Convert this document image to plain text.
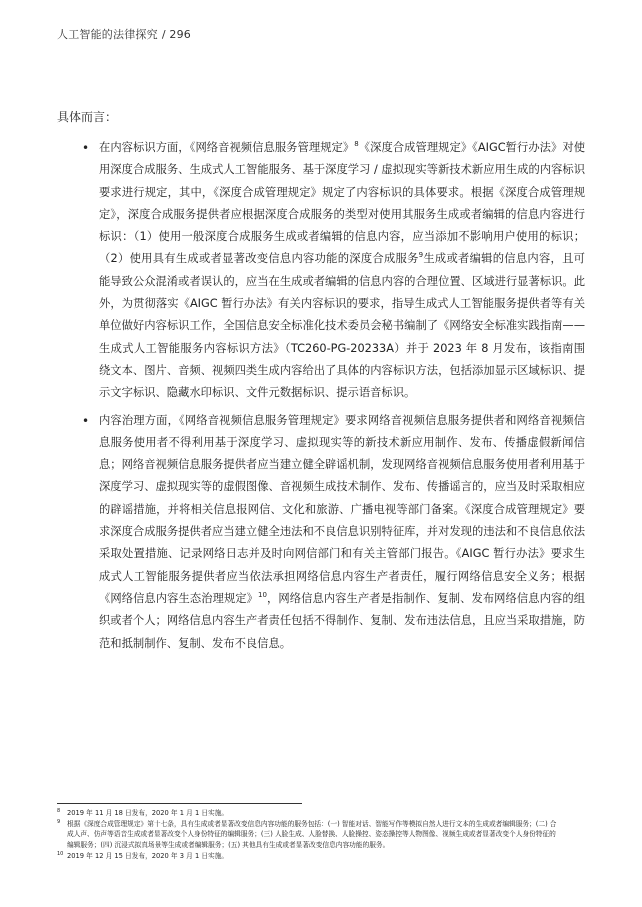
人工智能的法律探究 / 296
具体而言：
• 在内容标识方面，《网络音视频信息服务管理规定》$^8$《深度合成管理规定》《AIGC暂行办法》对使用深度合成服务、生成式人工智能服务、基于深度学习 / 虚拟现实等新技术新应用生成的内容标识要求进行规定，其中，《深度合成管理规定》规定了内容标识的具体要求。根据《深度合成管理规定》，深度合成服务提供者应根据深度合成服务的类型对使用其服务生成或者编辑的信息内容进行标识：（1）使用一般深度合成服务生成或者编辑的信息内容，应当添加不影响用户使用的标识；（2）使用具有生成或者显著改变信息内容功能的深度合成服务$^9$生成或者编辑的信息内容，且可能导致公众混淆或者误认的，应当在生成或者编辑的信息内容的合理位置、区域进行显著标识。此外，为贯彻落实《AIGC 暂行办法》有关内容标识的要求，指导生成式人工智能服务提供者等有关单位做好内容标识工作，全国信息安全标准化技术委员会秘书编制了《网络安全标准实践指南——生成式人工智能服务内容标识方法》（TC260-PG-20233A）并于 2023 年 8 月发布，该指南围绕文本、图片、音频、视频四类生成内容给出了具体的内容标识方法，包括添加显示区域标识、提示文字标识、隐藏水印标识、文件元数据标识、提示语音标识。
• 内容治理方面，《网络音视频信息服务管理规定》要求网络音视频信息服务提供者和网络音视频信息服务使用者不得利用基于深度学习、虚拟现实等的新技术新应用制作、发布、传播虚假新闻信息；网络音视频信息服务提供者应当建立健全辟谣机制，发现网络音视频信息服务使用者利用基于深度学习、虚拟现实等的虚假图像、音视频生成技术制作、发布、传播谣言的，应当及时采取相应的辟谣措施，并将相关信息报网信、文化和旅游、广播电视等部门备案。《深度合成管理规定》要求深度合成服务提供者应当建立健全违法和不良信息识别特征库，并对发现的违法和不良信息依法采取处置措施、记录网络日志并及时向网信部门和有关主管部门报告。《AIGC 暂行办法》要求生成式人工智能服务提供者应当依法承担网络信息内容生产者责任，履行网络信息安全义务；根据《网络信息内容生态治理规定》$^{10}$，网络信息内容生产者是指制作、复制、发布网络信息内容的组织或者个人；网络信息内容生产者责任包括不得制作、复制、发布违法信息，且应当采取措施，防范和抵制制作、复制、发布不良信息。
8 2019 年 11 月 18 日发布，2020 年 1 月 1 日实施。
9 根据《深度合成管理规定》第十七条，具有生成或者显著改变信息内容功能的服务包括：(一) 智能对话、智能写作等模拟自然人进行文本的生成或者编辑服务；(二) 合成人声、仿声等语音生成或者显著改变个人身份特征的编辑服务；(三) 人脸生成、人脸替换、人脸操控、姿态操控等人物图像、视频生成或者显著改变个人身份特征的编辑服务；(四) 沉浸式拟真场景等生成或者编辑服务；(五) 其他具有生成或者显著改变信息内容功能的服务。
10 2019 年 12 月 15 日发布，2020 年 3 月 1 日实施。
